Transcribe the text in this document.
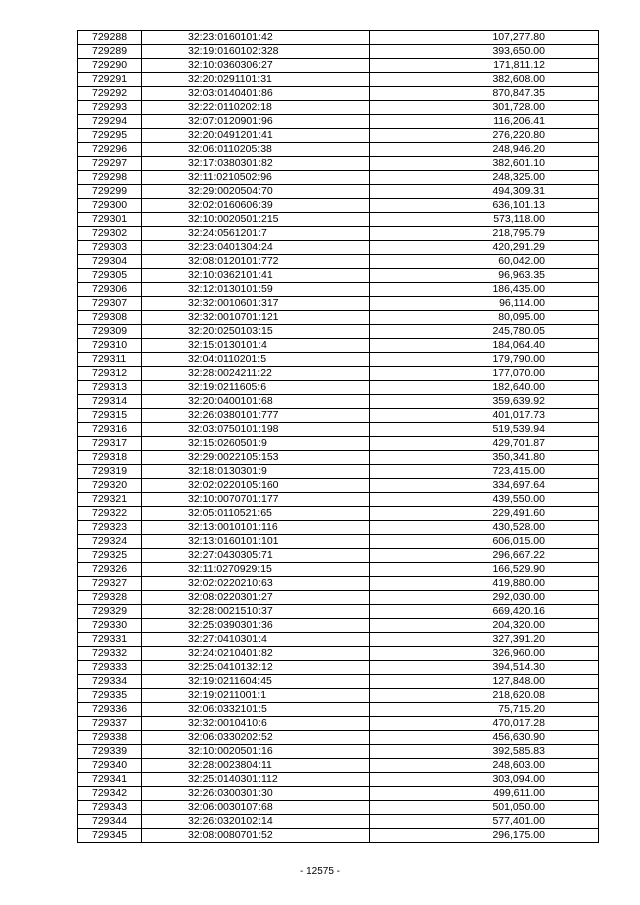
729288	32:23:0160101:42	107,277.80
729289	32:19:0160102:328	393,650.00
729290	32:10:0360306:27	171,811.12
729291	32:20:0291101:31	382,608.00
729292	32:03:0140401:86	870,847.35
729293	32:22:0110202:18	301,728.00
729294	32:07:0120901:96	116,206.41
729295	32:20:0491201:41	276,220.80
729296	32:06:0110205:38	248,946.20
729297	32:17:0380301:82	382,601.10
729298	32:11:0210502:96	248,325.00
729299	32:29:0020504:70	494,309.31
729300	32:02:0160606:39	636,101.13
729301	32:10:0020501:215	573,118.00
729302	32:24:0561201:7	218,795.79
729303	32:23:0401304:24	420,291.29
729304	32:08:0120101:772	60,042.00
729305	32:10:0362101:41	96,963.35
729306	32:12:0130101:59	186,435.00
729307	32:32:0010601:317	96,114.00
729308	32:32:0010701:121	80,095.00
729309	32:20:0250103:15	245,780.05
729310	32:15:0130101:4	184,064.40
729311	32:04:0110201:5	179,790.00
729312	32:28:0024211:22	177,070.00
729313	32:19:0211605:6	182,640.00
729314	32:20:0400101:68	359,639.92
729315	32:26:0380101:777	401,017.73
729316	32:03:0750101:198	519,539.94
729317	32:15:0260501:9	429,701.87
729318	32:29:0022105:153	350,341.80
729319	32:18:0130301:9	723,415.00
729320	32:02:0220105:160	334,697.64
729321	32:10:0070701:177	439,550.00
729322	32:05:0110521:65	229,491.60
729323	32:13:0010101:116	430,528.00
729324	32:13:0160101:101	606,015.00
729325	32:27:0430305:71	296,667.22
729326	32:11:0270929:15	166,529.90
729327	32:02:0220210:63	419,880.00
729328	32:08:0220301:27	292,030.00
729329	32:28:0021510:37	669,420.16
729330	32:25:0390301:36	204,320.00
729331	32:27:0410301:4	327,391.20
729332	32:24:0210401:82	326,960.00
729333	32:25:0410132:12	394,514.30
729334	32:19:0211604:45	127,848.00
729335	32:19:0211001:1	218,620.08
729336	32:06:0332101:5	75,715.20
729337	32:32:0010410:6	470,017.28
729338	32:06:0330202:52	456,630.90
729339	32:10:0020501:16	392,585.83
729340	32:28:0023804:11	248,603.00
729341	32:25:0140301:112	303,094.00
729342	32:26:0300301:30	499,611.00
729343	32:06:0030107:68	501,050.00
729344	32:26:0320102:14	577,401.00
729345	32:08:0080701:52	296,175.00
- 12575 -
